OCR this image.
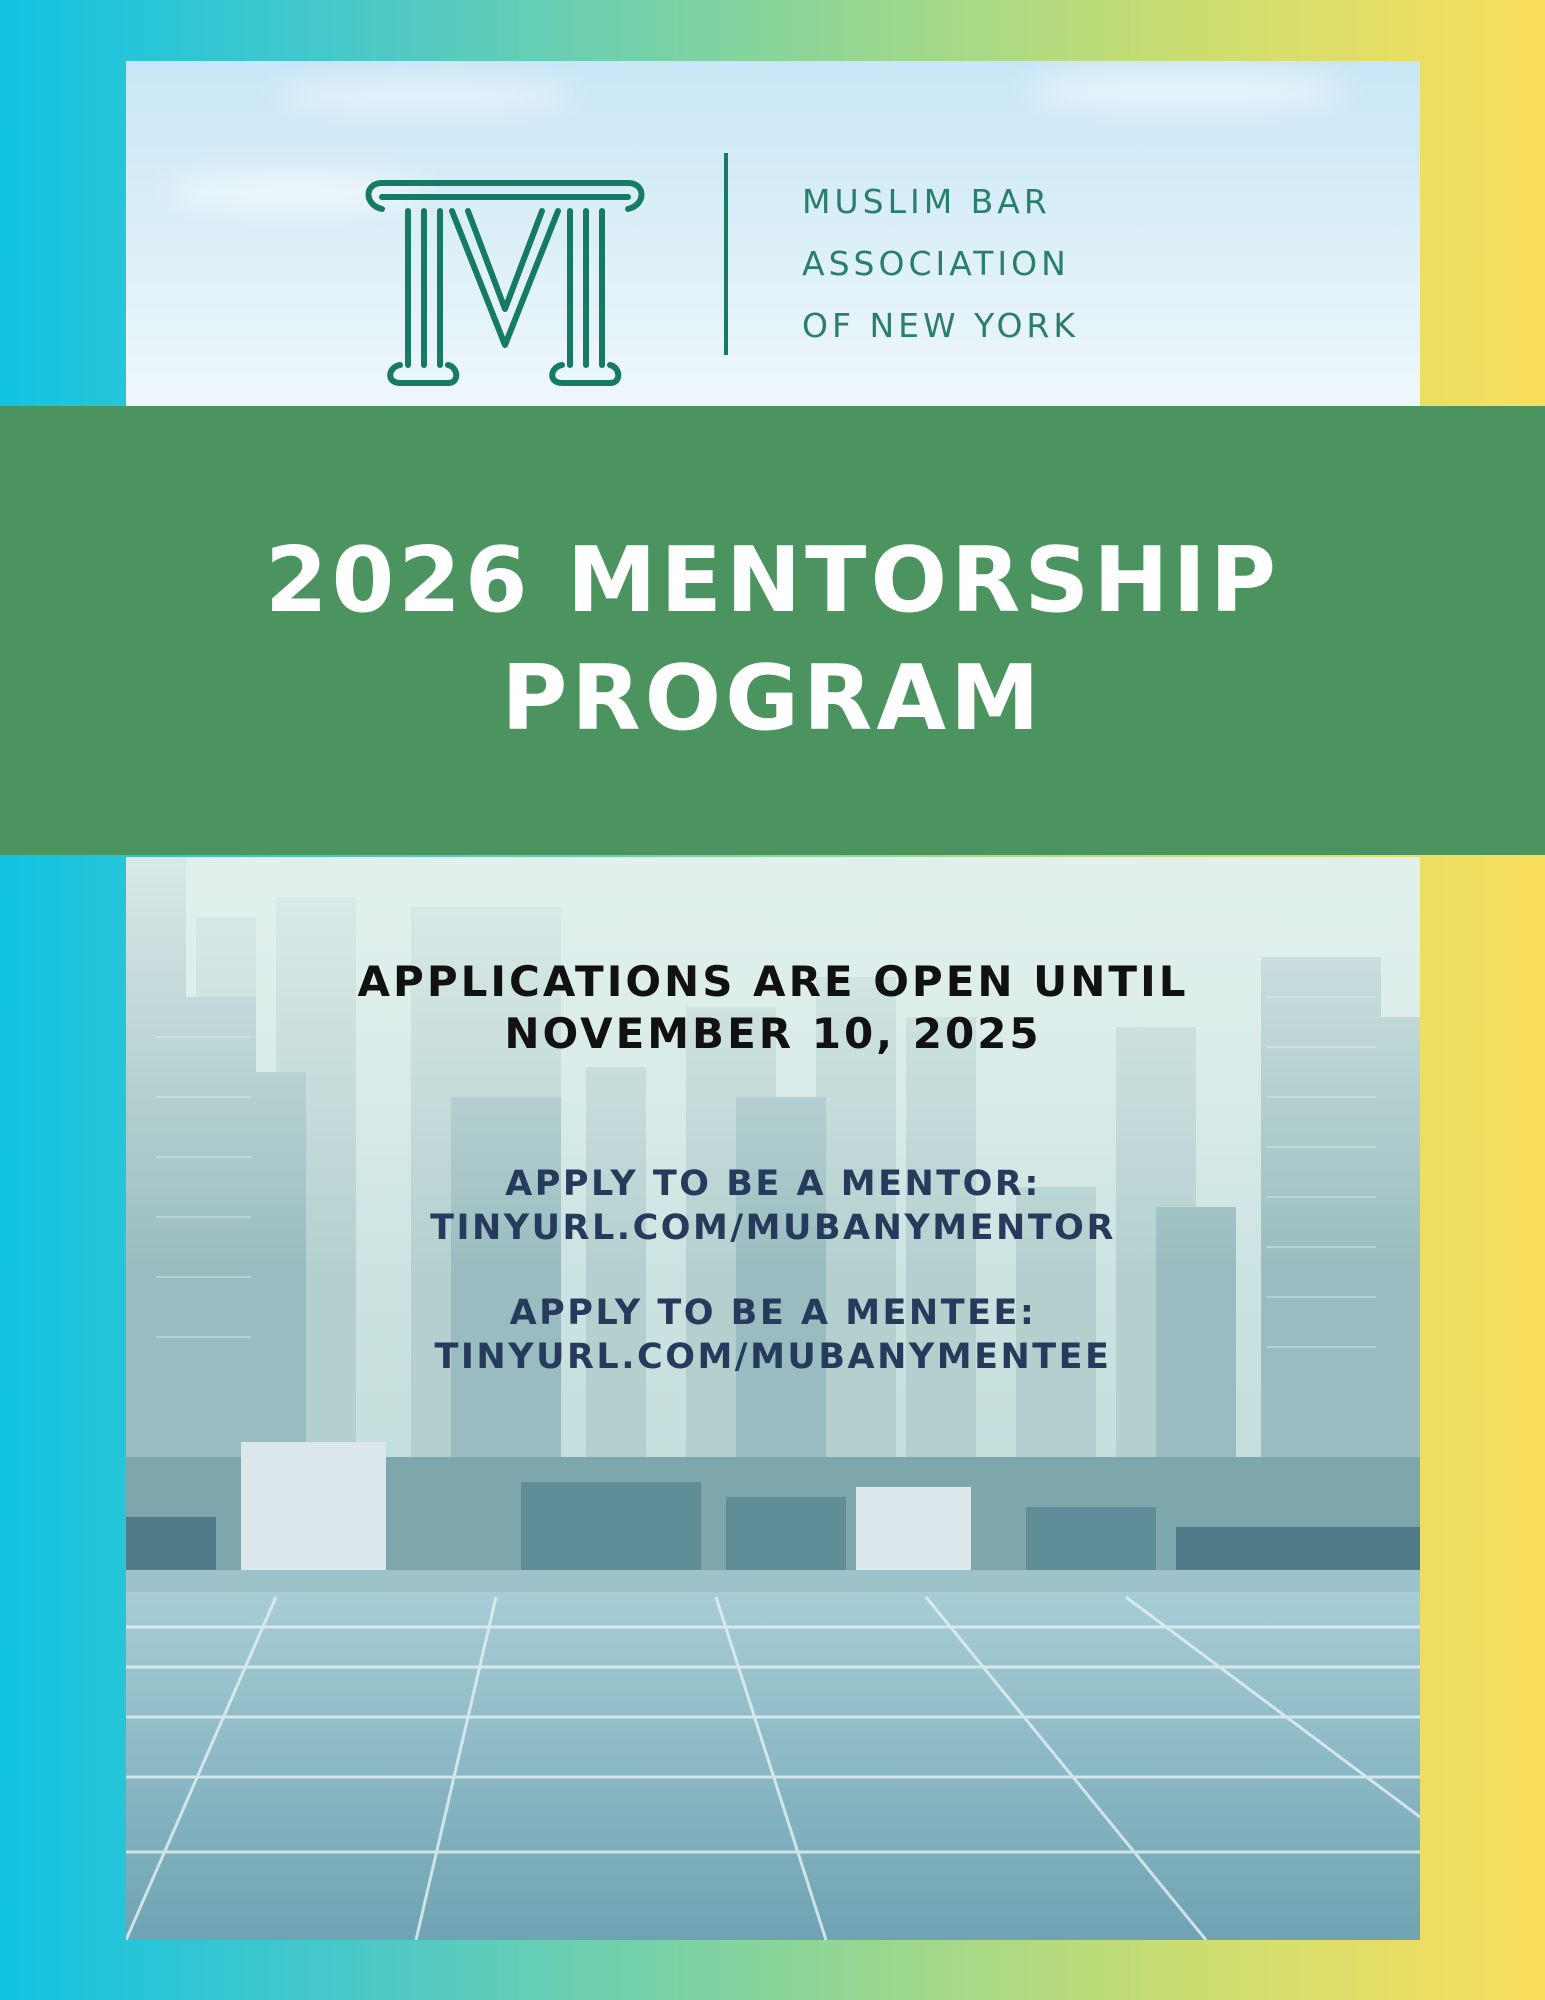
MUSLIM BAR
ASSOCIATION
OF NEW YORK
2026 MENTORSHIP
PROGRAM
APPLICATIONS ARE OPEN UNTIL
NOVEMBER 10, 2025
APPLY TO BE A MENTOR:
TINYURL.COM/MUBANYMENTOR
APPLY TO BE A MENTEE:
TINYURL.COM/MUBANYMENTEE
